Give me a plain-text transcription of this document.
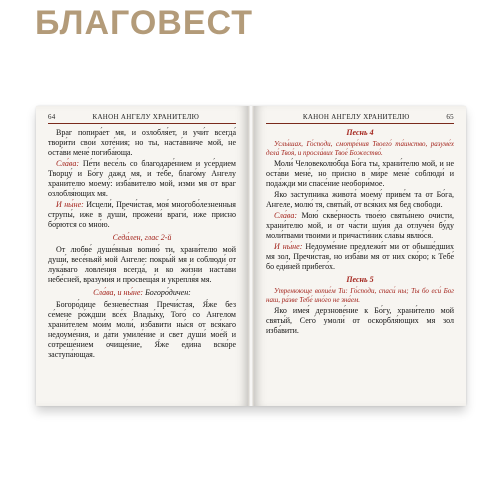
БЛАГОВЕСТ
64	КАНОН АНГЕЛУ ХРАНИТЕЛЮ

Враг попира́ет мя, и озлобля́ет, и учи́т всегда́ твори́ти свои́ хоте́ния; но ты, наста́вниче мой, не оста́ви мене́ погиба́юща.

Сла́ва: Пе́ти весе́ль со благодаре́нием и усе́рдием Творцу́ и Бо́гу дажд мя, и те́бе, благо́му Ангелу храни́телю моему́: изба́вителю мой, изми мя от враг озлобля́ющих мя.

И ны́не: Исцели́, Пречи́стая, моя́ многобо́лезненныя струпы́, иже в души́, прожени́ враги́, иже присно бо́рются со мно́ю.

Седа́лен, глас 2-й

От любве́ душе́вныя вопию́ ти, храни́телю мой души́, весе́ньяй мой Ангеле: покры́й мя и соблюди́ от лука́ваго ловле́ния всегда́, и ко жи́зни наста́ви небе́сней, вразуми́я и просвеща́я и укрепля́я мя.

Сла́ва, и ны́не: Богоро́дичен:

Богоро́дице безневе́стная Пречи́стая, Я́же без се́мене ро́ждши все́х Влады́ку, Того́ со Ангелом храни́телем мои́м моли́, избавити ны́ся от вся́каго недоуме́ния, и да́ти умиле́ние и свет души́ мое́й и сотреше́нием очище́ние, Я́же еди́на вско́ре заступа́ющая.

КАНОН АНГЕЛУ ХРАНИТЕЛЮ	65

Песнь 4

Услы́шах, Го́споди, смотре́ния Твоего́ та́инство, разуме́х дела́ Твоя́, и просла́вих Твое́ Божество́.

Моли́ Человеколю́бца Бо́га ты, храни́телю мой, и не оста́ви мене́, но при́сно в ми́ре мене́ соблюди́ и пода́жди ми спасе́ние необори́мое.

Яко заступника живота́ моему́ приве́м та от Бо́га, Ангеле, молю́ тя, святы́й, от вся́ких мя бед свободи.

Сла́ва: Мою́ скве́рность твое́ю святы́нею очисти, храни́телю мой, и от ча́сти шу́ия да отлуче́н бу́ду моли́твами твоими и причасти́ник сла́вы явлю́ся.

И ны́не: Недоуме́ние предлежи́т ми от обыше́дших мя зол, Пречи́стая, но изба́ви мя от них ско́ро; к Тебе́ бо еди́ней прибего́х.

Песнь 5

Утренююще вопие́м Ти: Го́споди, спаси́ ны; Ты бо еси́ Бог наш, ра́зве Тебе́ ино́го не зна́ем.

Яко имея́ дерзнове́ние к Бо́гу, храни́телю мой святы́й, Сего́ умоли́ от оскорбля́ющих мя зол изба́вити.
